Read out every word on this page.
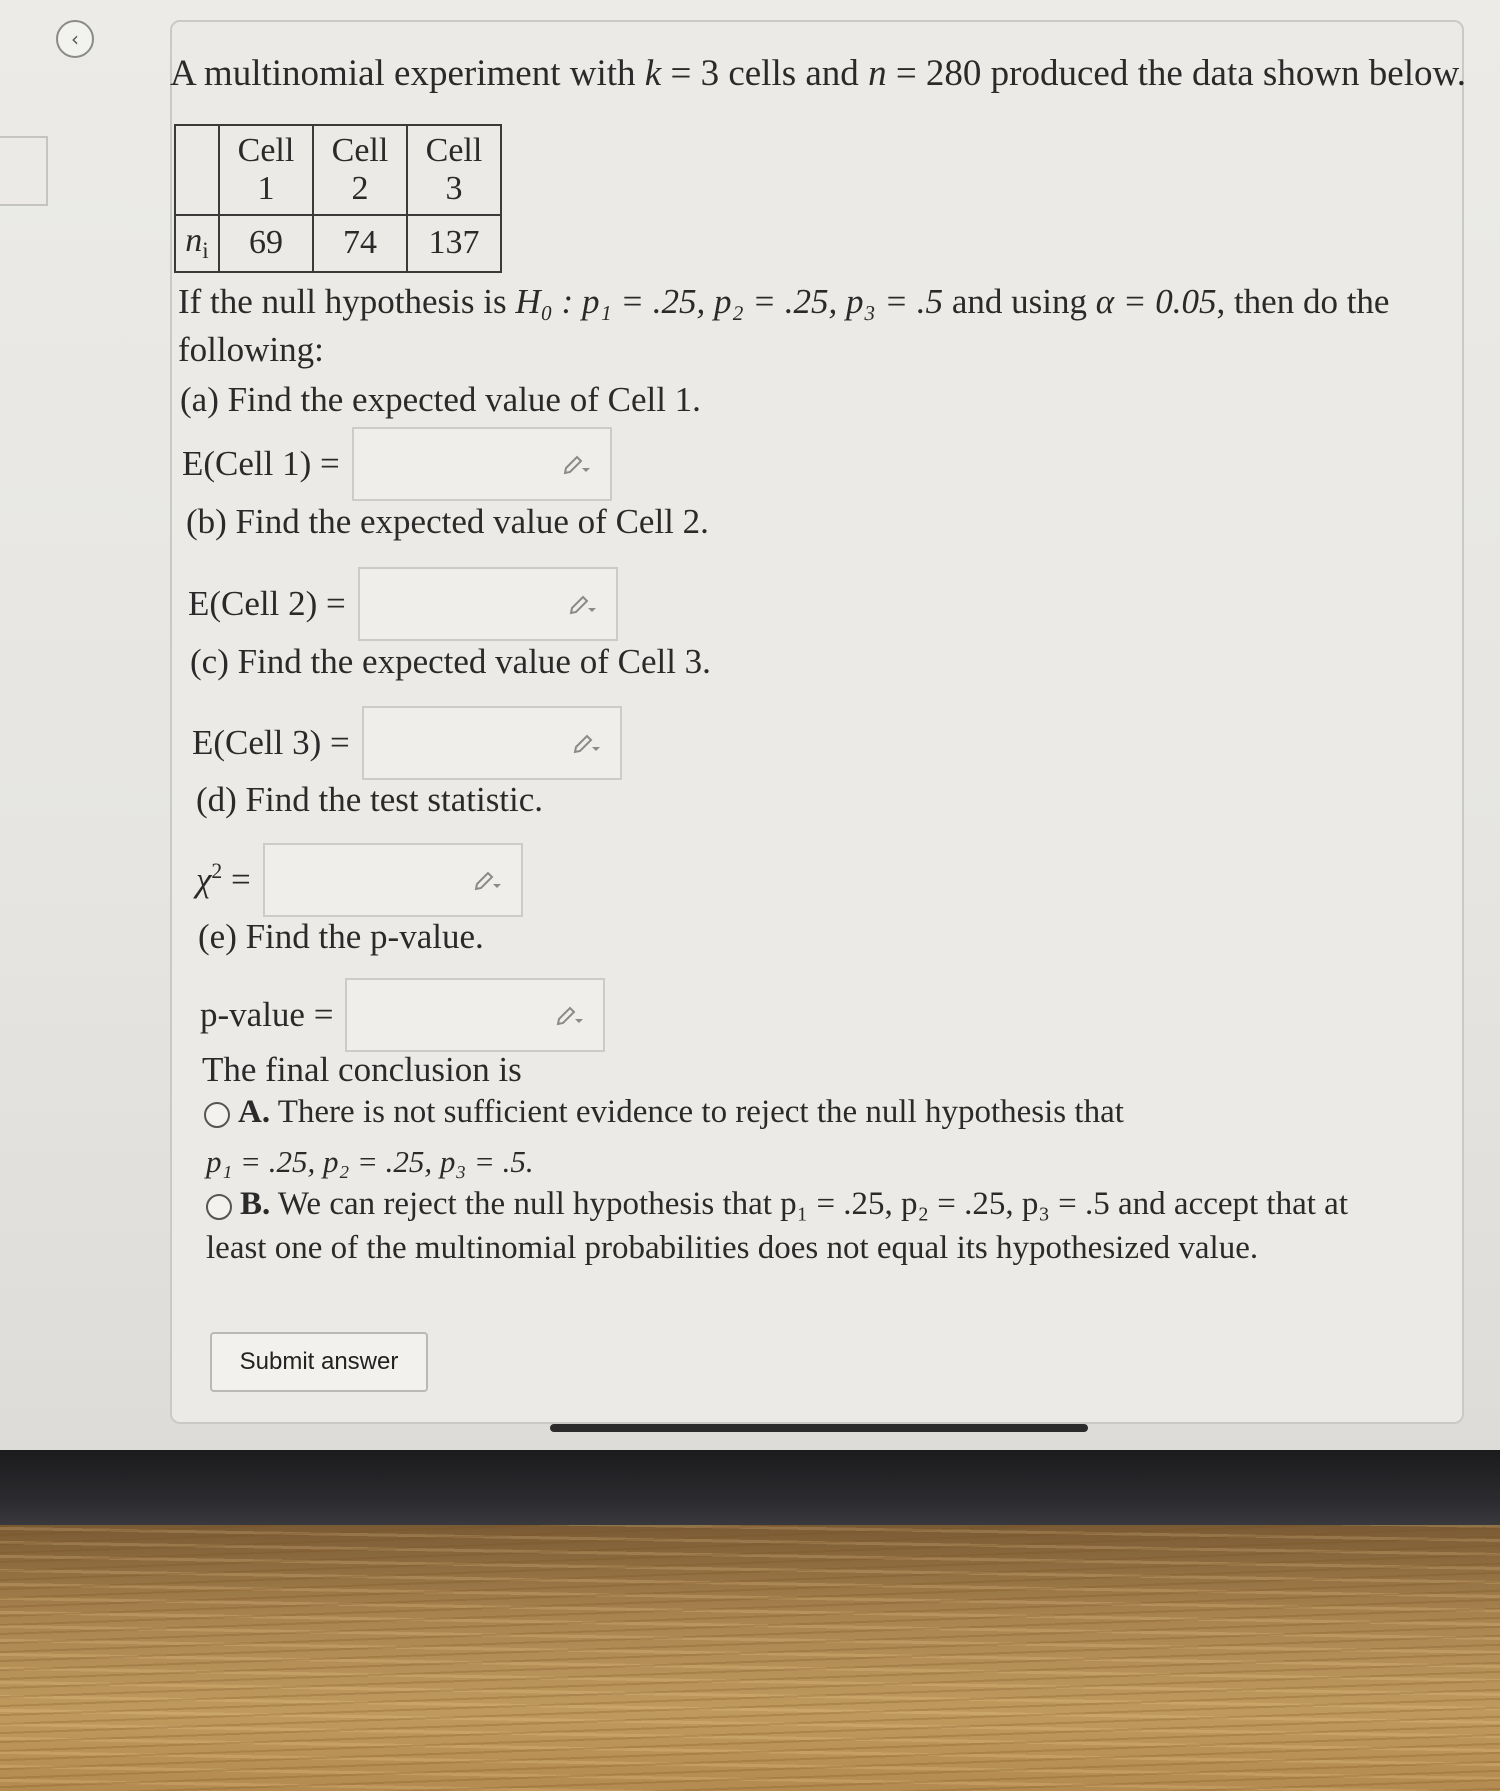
‹
A multinomial experiment with k = 3 cells and n = 280 produced the data shown below.
	Cell 1	Cell 2	Cell 3
$n_i$	69	74	137
If the null hypothesis is H₀ : p₁ = .25, p₂ = .25, p₃ = .5 and using α = 0.05, then do the
following:
(a) Find the expected value of Cell 1.
E(Cell 1) =
(b) Find the expected value of Cell 2.
E(Cell 2) =
(c) Find the expected value of Cell 3.
E(Cell 3) =
(d) Find the test statistic.
$\chi^2$ =
(e) Find the p-value.
p-value =
The final conclusion is
A. There is not sufficient evidence to reject the null hypothesis that
p₁ = .25, p₂ = .25, p₃ = .5.
B. We can reject the null hypothesis that p₁ = .25, p₂ = .25, p₃ = .5 and accept that at
least one of the multinomial probabilities does not equal its hypothesized value.
Submit answer
